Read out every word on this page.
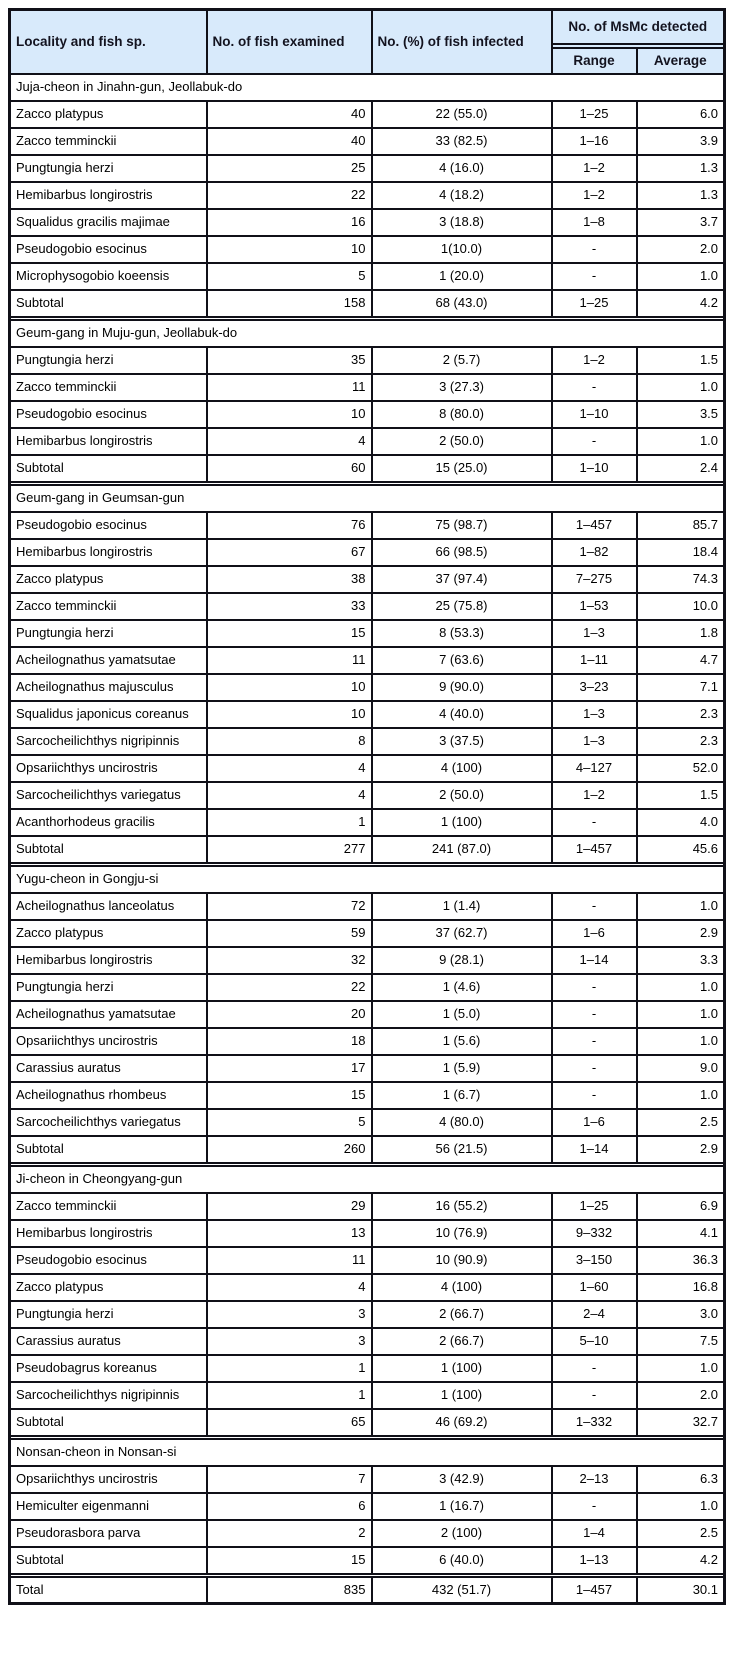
Locality and fish sp.	No. of fish examined	No. (%) of fish infected	No. of MsMc detected	

			Range	Average
Juja-cheon in Jinahn-gun, Jeollabuk-do				
Zacco platypus	40	22 (55.0)	1–25	6.0
Zacco temminckii	40	33 (82.5)	1–16	3.9
Pungtungia herzi	25	4 (16.0)	1–2	1.3
Hemibarbus longirostris	22	4 (18.2)	1–2	1.3
Squalidus gracilis majimae	16	3 (18.8)	1–8	3.7
Pseudogobio esocinus	10	1(10.0)	-	2.0
Microphysogobio koeensis	5	1 (20.0)	-	1.0
Subtotal	158	68 (43.0)	1–25	4.2

Geum-gang in Muju-gun, Jeollabuk-do				
Pungtungia herzi	35	2 (5.7)	1–2	1.5
Zacco temminckii	11	3 (27.3)	-	1.0
Pseudogobio esocinus	10	8 (80.0)	1–10	3.5
Hemibarbus longirostris	4	2 (50.0)	-	1.0
Subtotal	60	15 (25.0)	1–10	2.4

Geum-gang in Geumsan-gun				
Pseudogobio esocinus	76	75 (98.7)	1–457	85.7
Hemibarbus longirostris	67	66 (98.5)	1–82	18.4
Zacco platypus	38	37 (97.4)	7–275	74.3
Zacco temminckii	33	25 (75.8)	1–53	10.0
Pungtungia herzi	15	8 (53.3)	1–3	1.8
Acheilognathus yamatsutae	11	7 (63.6)	1–11	4.7
Acheilognathus majusculus	10	9 (90.0)	3–23	7.1
Squalidus japonicus coreanus	10	4 (40.0)	1–3	2.3
Sarcocheilichthys nigripinnis	8	3 (37.5)	1–3	2.3
Opsariichthys uncirostris	4	4 (100)	4–127	52.0
Sarcocheilichthys variegatus	4	2 (50.0)	1–2	1.5
Acanthorhodeus gracilis	1	1 (100)	-	4.0
Subtotal	277	241 (87.0)	1–457	45.6

Yugu-cheon in Gongju-si				
Acheilognathus lanceolatus	72	1 (1.4)	-	1.0
Zacco platypus	59	37 (62.7)	1–6	2.9
Hemibarbus longirostris	32	9 (28.1)	1–14	3.3
Pungtungia herzi	22	1 (4.6)	-	1.0
Acheilognathus yamatsutae	20	1 (5.0)	-	1.0
Opsariichthys uncirostris	18	1 (5.6)	-	1.0
Carassius auratus	17	1 (5.9)	-	9.0
Acheilognathus rhombeus	15	1 (6.7)	-	1.0
Sarcocheilichthys variegatus	5	4 (80.0)	1–6	2.5
Subtotal	260	56 (21.5)	1–14	2.9

Ji-cheon in Cheongyang-gun				
Zacco temminckii	29	16 (55.2)	1–25	6.9
Hemibarbus longirostris	13	10 (76.9)	9–332	4.1
Pseudogobio esocinus	11	10 (90.9)	3–150	36.3
Zacco platypus	4	4 (100)	1–60	16.8
Pungtungia herzi	3	2 (66.7)	2–4	3.0
Carassius auratus	3	2 (66.7)	5–10	7.5
Pseudobagrus koreanus	1	1 (100)	-	1.0
Sarcocheilichthys nigripinnis	1	1 (100)	-	2.0
Subtotal	65	46 (69.2)	1–332	32.7

Nonsan-cheon in Nonsan-si				
Opsariichthys uncirostris	7	3 (42.9)	2–13	6.3
Hemiculter eigenmanni	6	1 (16.7)	-	1.0
Pseudorasbora parva	2	2 (100)	1–4	2.5
Subtotal	15	6 (40.0)	1–13	4.2

Total	835	432 (51.7)	1–457	30.1
